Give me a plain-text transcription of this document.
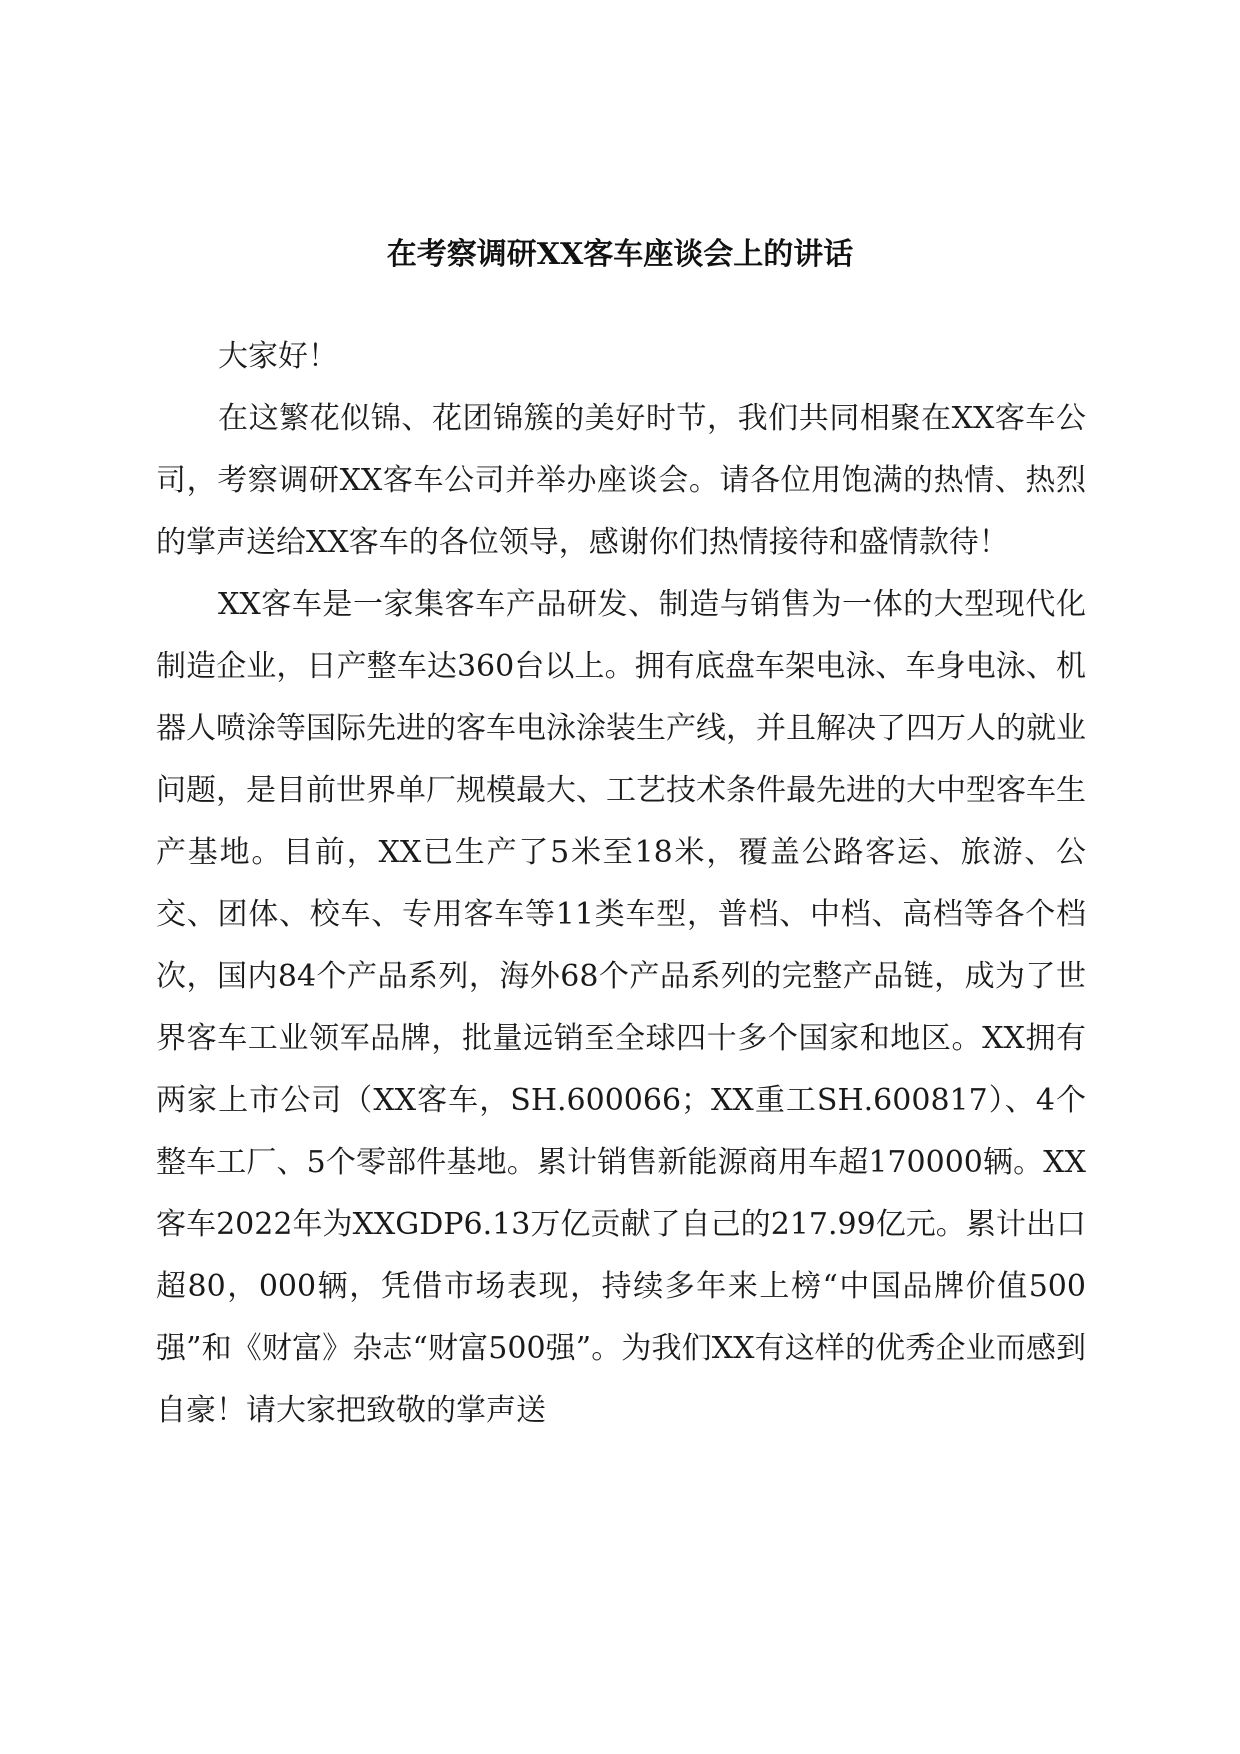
在考察调研XX客车座谈会上的讲话

大家好！

在这繁花似锦、花团锦簇的美好时节，我们共同相聚在XX客车公司，考察调研XX客车公司并举办座谈会。请各位用饱满的热情、热烈的掌声送给XX客车的各位领导，感谢你们热情接待和盛情款待！

XX客车是一家集客车产品研发、制造与销售为一体的大型现代化制造企业，日产整车达360台以上。拥有底盘车架电泳、车身电泳、机器人喷涂等国际先进的客车电泳涂装生产线，并且解决了四万人的就业问题，是目前世界单厂规模最大、工艺技术条件最先进的大中型客车生产基地。目前，XX已生产了5米至18米，覆盖公路客运、旅游、公交、团体、校车、专用客车等11类车型，普档、中档、高档等各个档次，国内84个产品系列，海外68个产品系列的完整产品链，成为了世界客车工业领军品牌，批量远销至全球四十多个国家和地区。XX拥有两家上市公司（XX客车，SH.600066；XX重工SH.600817）、4个整车工厂、5个零部件基地。累计销售新能源商用车超170000辆。XX客车2022年为XXGDP6.13万亿贡献了自己的217.99亿元。累计出口超80，000辆，凭借市场表现，持续多年来上榜“中国品牌价值500强”和《财富》杂志“财富500强”。为我们XX有这样的优秀企业而感到自豪！请大家把致敬的掌声送
